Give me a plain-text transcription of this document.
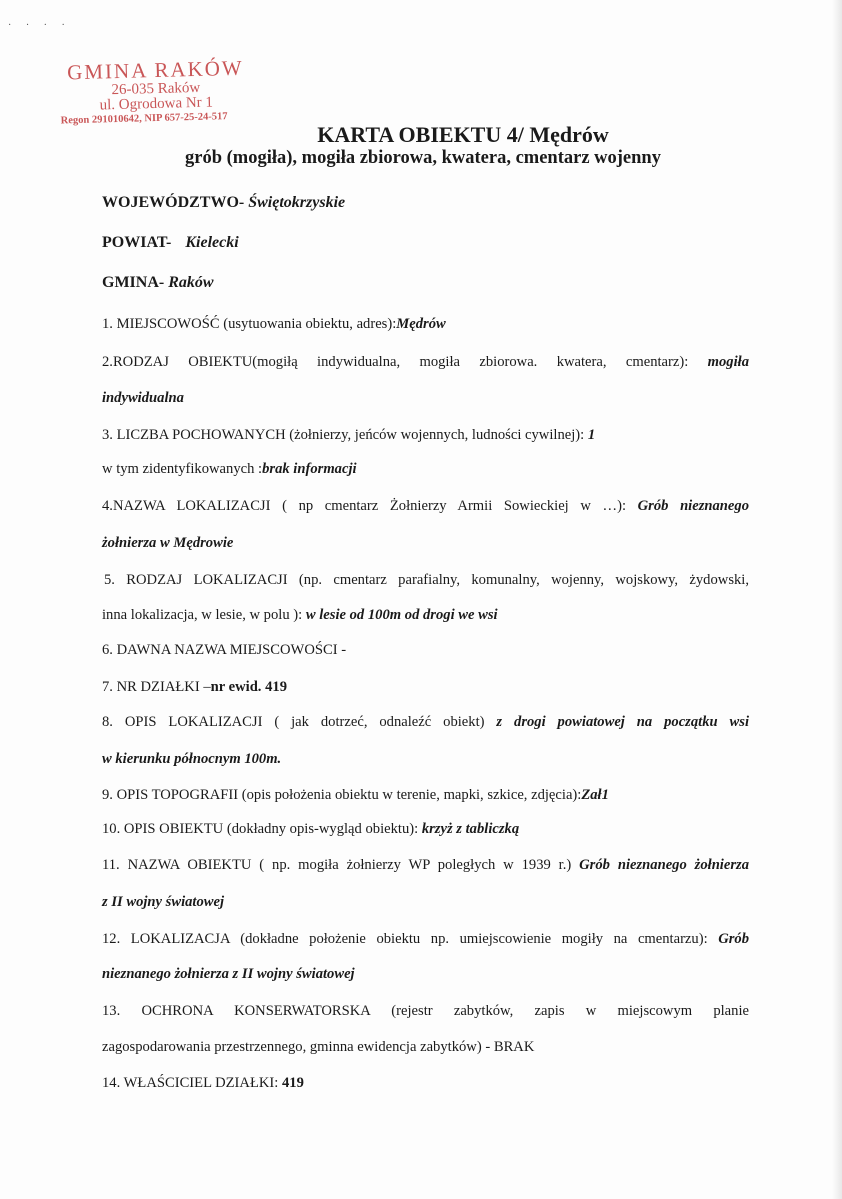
· · · ·
GMINA RAKÓW
26-035 Raków
ul. Ogrodowa Nr 1
Regon 291010642, NIP 657-25-24-517
KARTA OBIEKTU 4/ Mędrów
grób (mogiła), mogiła zbiorowa, kwatera, cmentarz wojenny
WOJEWÓDZTWO- Świętokrzyskie
POWIAT- Kielecki
GMINA- Raków
1. MIEJSCOWOŚĆ (usytuowania obiektu, adres):Mędrów
2.RODZAJ OBIEKTU(mogiłą indywidualna, mogiła zbiorowa. kwatera, cmentarz): mogiła
indywidualna
3. LICZBA POCHOWANYCH (żołnierzy, jeńców wojennych, ludności cywilnej): 1
w tym zidentyfikowanych :brak informacji
4.NAZWA LOKALIZACJI ( np cmentarz Żołnierzy Armii Sowieckiej w …): Grób nieznanego
żołnierza w Mędrowie
5. RODZAJ LOKALIZACJI (np. cmentarz parafialny, komunalny, wojenny, wojskowy, żydowski,
inna lokalizacja, w lesie, w polu ): w lesie od 100m od drogi we wsi
6. DAWNA NAZWA MIEJSCOWOŚCI -
7. NR DZIAŁKI –nr ewid. 419
8. OPIS LOKALIZACJI ( jak dotrzeć, odnaleźć obiekt) z drogi powiatowej na początku wsi
w kierunku północnym 100m.
9. OPIS TOPOGRAFII (opis położenia obiektu w terenie, mapki, szkice, zdjęcia):Zał1
10. OPIS OBIEKTU (dokładny opis-wygląd obiektu): krzyż z tabliczką
11. NAZWA OBIEKTU ( np. mogiła żołnierzy WP poległych w 1939 r.) Grób nieznanego żołnierza
z II wojny światowej
12. LOKALIZACJA (dokładne położenie obiektu np. umiejscowienie mogiły na cmentarzu): Grób
nieznanego żołnierza z II wojny światowej
13. OCHRONA KONSERWATORSKA (rejestr zabytków, zapis w miejscowym planie
zagospodarowania przestrzennego, gminna ewidencja zabytków) - BRAK
14. WŁAŚCICIEL DZIAŁKI: 419
